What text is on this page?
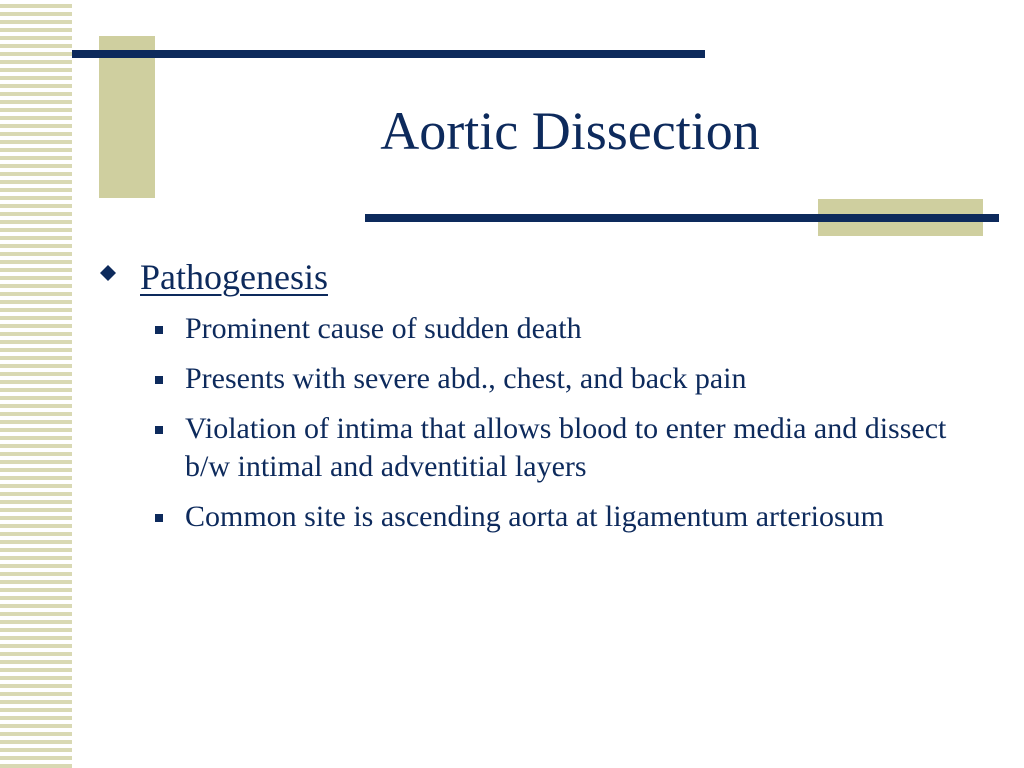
Aortic Dissection
Pathogenesis
Prominent cause of sudden death
Presents with severe abd., chest, and back pain
Violation of intima that allows blood to enter media and dissect b/w intimal and adventitial layers
Common site is ascending aorta at ligamentum arteriosum
